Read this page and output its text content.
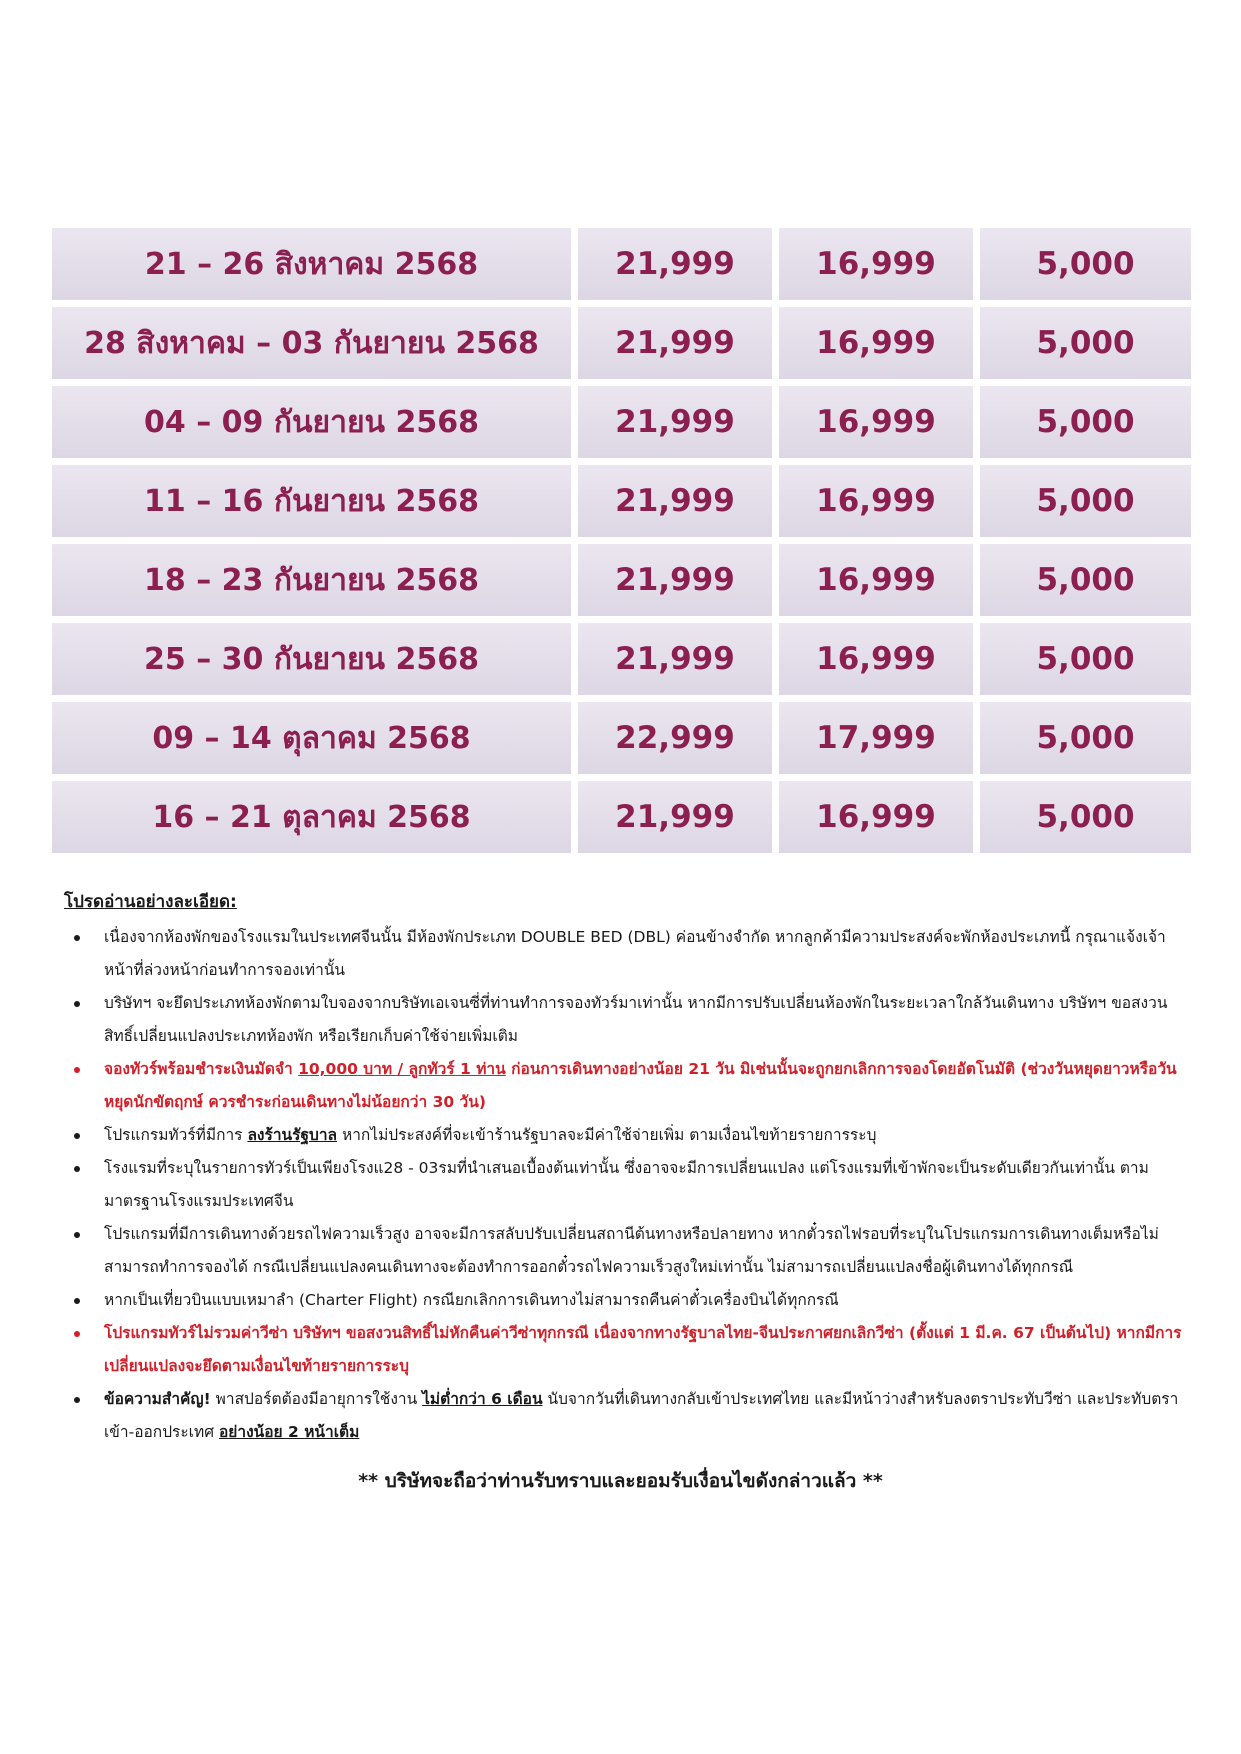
21 – 26 สิงหาคม 2568	21,999	16,999	5,000
28 สิงหาคม – 03 กันยายน 2568	21,999	16,999	5,000
04 – 09 กันยายน 2568	21,999	16,999	5,000
11 – 16 กันยายน 2568	21,999	16,999	5,000
18 – 23 กันยายน 2568	21,999	16,999	5,000
25 – 30 กันยายน 2568	21,999	16,999	5,000
09 – 14 ตุลาคม 2568	22,999	17,999	5,000
16 – 21 ตุลาคม 2568	21,999	16,999	5,000
โปรดอ่านอย่างละเอียด:
เนื่องจากห้องพักของโรงแรมในประเทศจีนนั้น มีห้องพักประเภท DOUBLE BED (DBL) ค่อนข้างจำกัด หากลูกค้ามีความประสงค์จะพักห้องประเภทนี้ กรุณาแจ้งเจ้าหน้าที่ล่วงหน้าก่อนทำการจองเท่านั้น
บริษัทฯ จะยึดประเภทห้องพักตามใบจองจากบริษัทเอเจนซี่ที่ท่านทำการจองทัวร์มาเท่านั้น หากมีการปรับเปลี่ยนห้องพักในระยะเวลาใกล้วันเดินทาง บริษัทฯ ขอสงวนสิทธิ์เปลี่ยนแปลงประเภทห้องพัก หรือเรียกเก็บค่าใช้จ่ายเพิ่มเติม
จองทัวร์พร้อมชำระเงินมัดจำ 10,000 บาท / ลูกทัวร์ 1 ท่าน ก่อนการเดินทางอย่างน้อย 21 วัน มิเช่นนั้นจะถูกยกเลิกการจองโดยอัตโนมัติ (ช่วงวันหยุดยาวหรือวันหยุดนักขัตฤกษ์ ควรชำระก่อนเดินทางไม่น้อยกว่า 30 วัน)
โปรแกรมทัวร์ที่มีการ ลงร้านรัฐบาล หากไม่ประสงค์ที่จะเข้าร้านรัฐบาลจะมีค่าใช้จ่ายเพิ่ม ตามเงื่อนไขท้ายรายการระบุ
โรงแรมที่ระบุในรายการทัวร์เป็นเพียงโรงแ28 - 03รมที่นำเสนอเบื้องต้นเท่านั้น ซึ่งอาจจะมีการเปลี่ยนแปลง แต่โรงแรมที่เข้าพักจะเป็นระดับเดียวกันเท่านั้น ตามมาตรฐานโรงแรมประเทศจีน
โปรแกรมที่มีการเดินทางด้วยรถไฟความเร็วสูง อาจจะมีการสลับปรับเปลี่ยนสถานีต้นทางหรือปลายทาง หากตั๋วรถไฟรอบที่ระบุในโปรแกรมการเดินทางเต็มหรือไม่สามารถทำการจองได้ กรณีเปลี่ยนแปลงคนเดินทางจะต้องทำการออกตั๋วรถไฟความเร็วสูงใหม่เท่านั้น ไม่สามารถเปลี่ยนแปลงชื่อผู้เดินทางได้ทุกกรณี
หากเป็นเที่ยวบินแบบเหมาลำ (Charter Flight) กรณียกเลิกการเดินทางไม่สามารถคืนค่าตั๋วเครื่องบินได้ทุกกรณี
โปรแกรมทัวร์ไม่รวมค่าวีซ่า บริษัทฯ ขอสงวนสิทธิ์ไม่หักคืนค่าวีซ่าทุกกรณี เนื่องจากทางรัฐบาลไทย-จีนประกาศยกเลิกวีซ่า (ตั้งแต่ 1 มี.ค. 67 เป็นต้นไป) หากมีการเปลี่ยนแปลงจะยึดตามเงื่อนไขท้ายรายการระบุ
ข้อความสำคัญ! พาสปอร์ตต้องมีอายุการใช้งาน ไม่ต่ำกว่า 6 เดือน นับจากวันที่เดินทางกลับเข้าประเทศไทย และมีหน้าว่างสำหรับลงตราประทับวีซ่า และประทับตราเข้า-ออกประเทศ อย่างน้อย 2 หน้าเต็ม
** บริษัทจะถือว่าท่านรับทราบและยอมรับเงื่อนไขดังกล่าวแล้ว **
